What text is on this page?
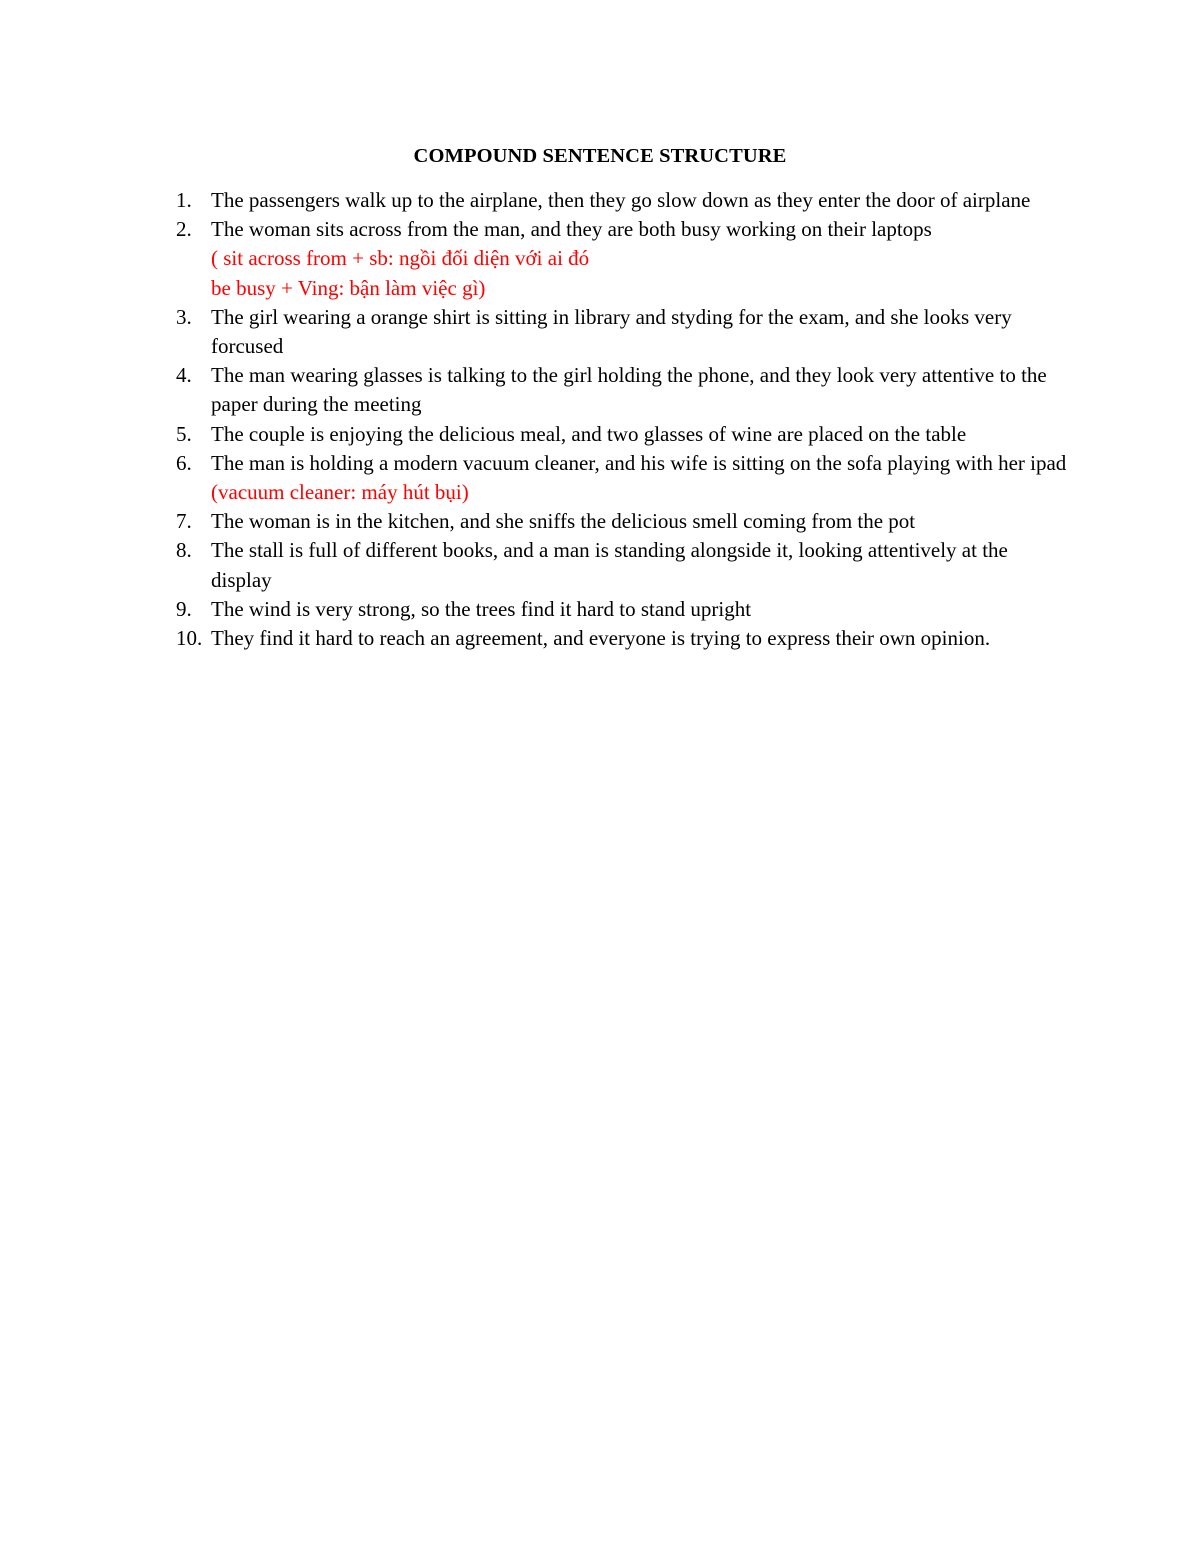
COMPOUND SENTENCE STRUCTURE
1. The passengers walk up to the airplane, then they go slow down as they enter the door of airplane
2. The woman sits across from the man, and they are both busy working on their laptops
( sit across from + sb: ngồi đối diện với ai đó
be busy + Ving: bận làm việc gì)
3. The girl wearing a orange shirt is sitting in library and styding for the exam, and she looks very forcused
4. The man wearing glasses is talking to the girl holding the phone, and they look very attentive to the paper during the meeting
5. The couple is enjoying the delicious meal, and two glasses of wine are placed on the table
6. The man is holding a modern vacuum cleaner, and his wife is sitting on the sofa playing with her ipad (vacuum cleaner: máy hút bụi)
7. The woman is in the kitchen, and she sniffs the delicious smell coming from the pot
8. The stall is full of different books, and a man is standing alongside it, looking attentively at the display
9. The wind is very strong, so the trees find it hard to stand upright
10. They find it hard to reach an agreement, and everyone is trying to express their own opinion.
